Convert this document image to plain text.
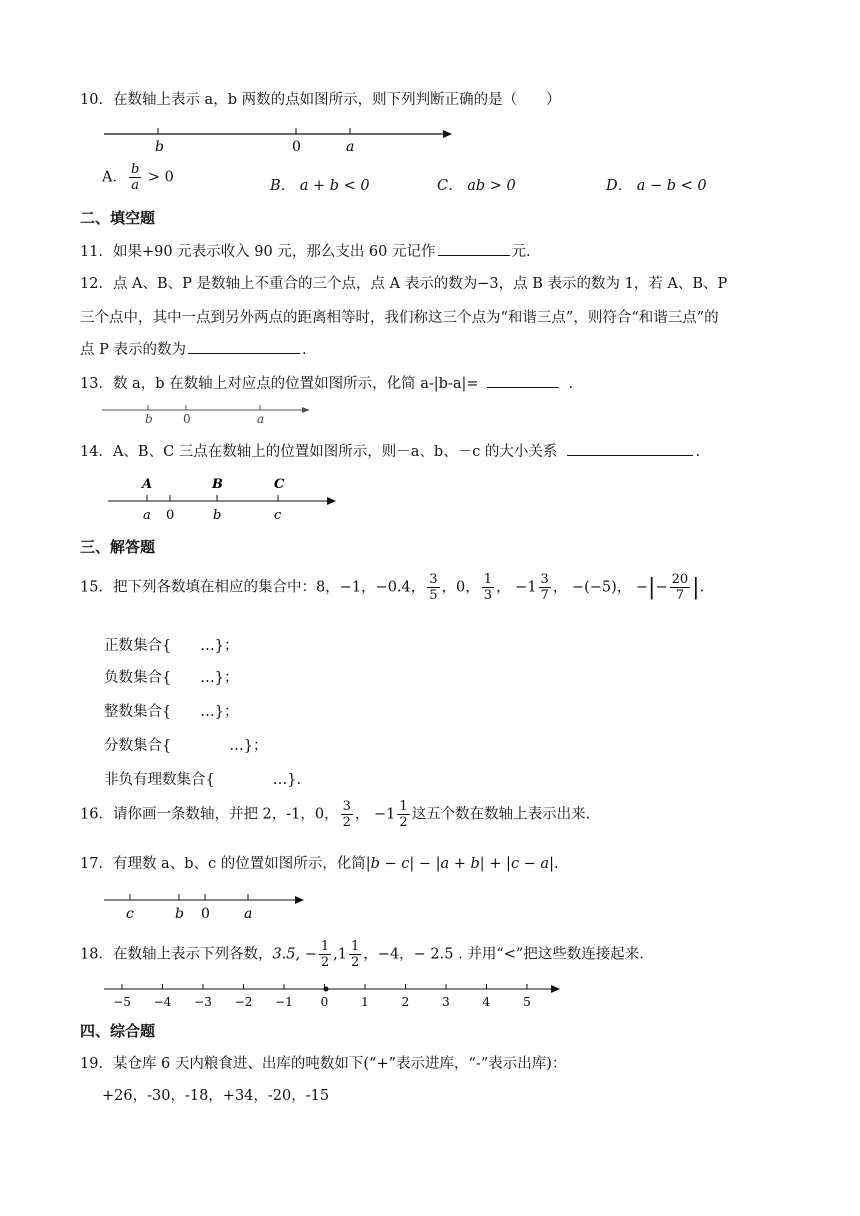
10．在数轴上表示 a，b 两数的点如图所示，则下列判断正确的是（　　）
b	0	a
A． $\frac{b}{a} > 0$
B． a + b < 0	C． ab > 0	D． a − b < 0
二、填空题
11．如果+90 元表示收入 90 元，那么支出 60 元记作	元.
12．点 A、B、P 是数轴上不重合的三个点，点 A 表示的数为−3，点 B 表示的数为 1，若 A、B、P
三个点中，其中一点到另外两点的距离相等时，我们称这三个点为“和谐三点”，则符合“和谐三点”的
点 P 表示的数为	.
13．数 a，b 在数轴上对应点的位置如图所示，化简 a-|b-a|=	.
b	0	a
14．A、B、C 三点在数轴上的位置如图所示，则－a、b、－c 的大小关系	.
A	B	C
a 0	b	c
三、解答题
15．把下列各数填在相应的集合中：8，−1，−0.4， $\frac{3}{5}$ ，0， $\frac{1}{3}$ ， $-1 \frac{3}{7}$ ， −(−5)， −|− $\frac{20}{7}$ |.
正数集合{　　…}；
负数集合{　　…}；
整数集合{　　…}；
分数集合{　　　　…}；
非负有理数集合{　　　　…}.
16．请你画一条数轴，并把 2，-1，0， $\frac{3}{2}$ ， $-1 \frac{1}{2}$ 这五个数在数轴上表示出来.
17．有理数 a、b、c 的位置如图所示，化简|b − c| − |a + b| + |c − a|.
c	b 0 a
18．在数轴上表示下列各数，3.5, − $\frac{1}{2} ,1 \frac{1}{2}$ ，−4，− 2.5 . 并用“<”把这些数连接起来.
−5 −4 −3 −2 −1 0	1	2	3	4	5
四、综合题
19．某仓库 6 天内粮食进、出库的吨数如下(“+”表示进库，“-”表示出库)：
+26，-30，-18，+34，-20，-15
